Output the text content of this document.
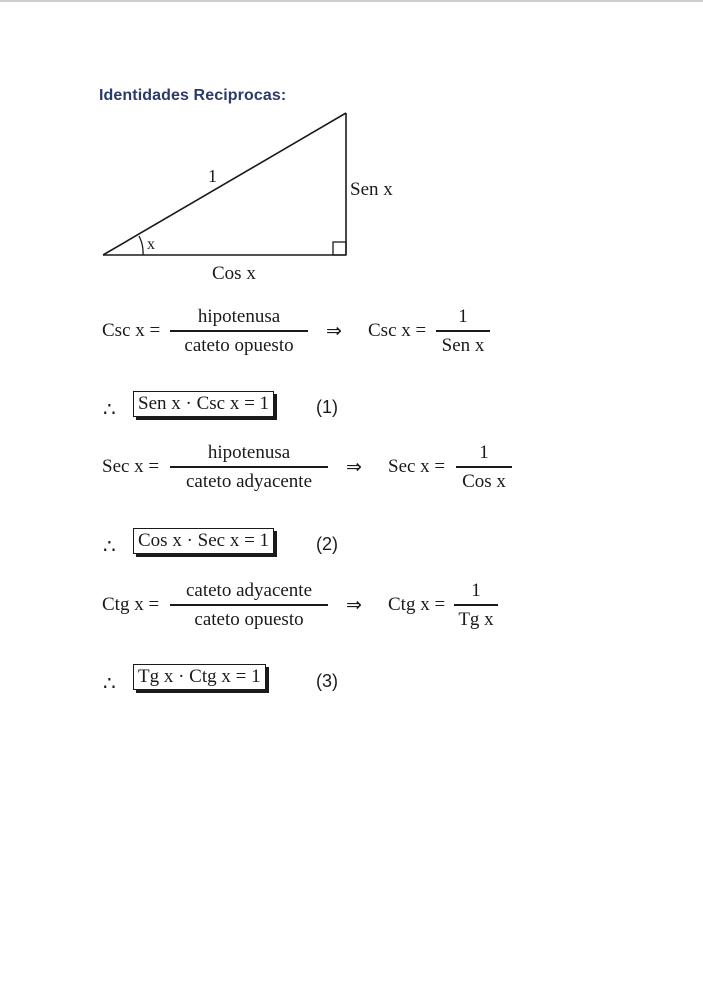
Identidades Reciprocas:
x
1
Sen x
Cos x
Csc x =
hipotenusa
cateto opuesto
⇒ Csc x =
1
Sen x
∴ Sen x · Csc x = 1	(1)
Sec x =
hipotenusa
cateto adyacente
⇒ Sec x =
1
Cos x
∴ Cos x · Sec x = 1	(2)
Ctg x =
cateto adyacente
cateto opuesto
⇒ Ctg x =
1
Tg x
∴ Tg x · Ctg x = 1	(3)
